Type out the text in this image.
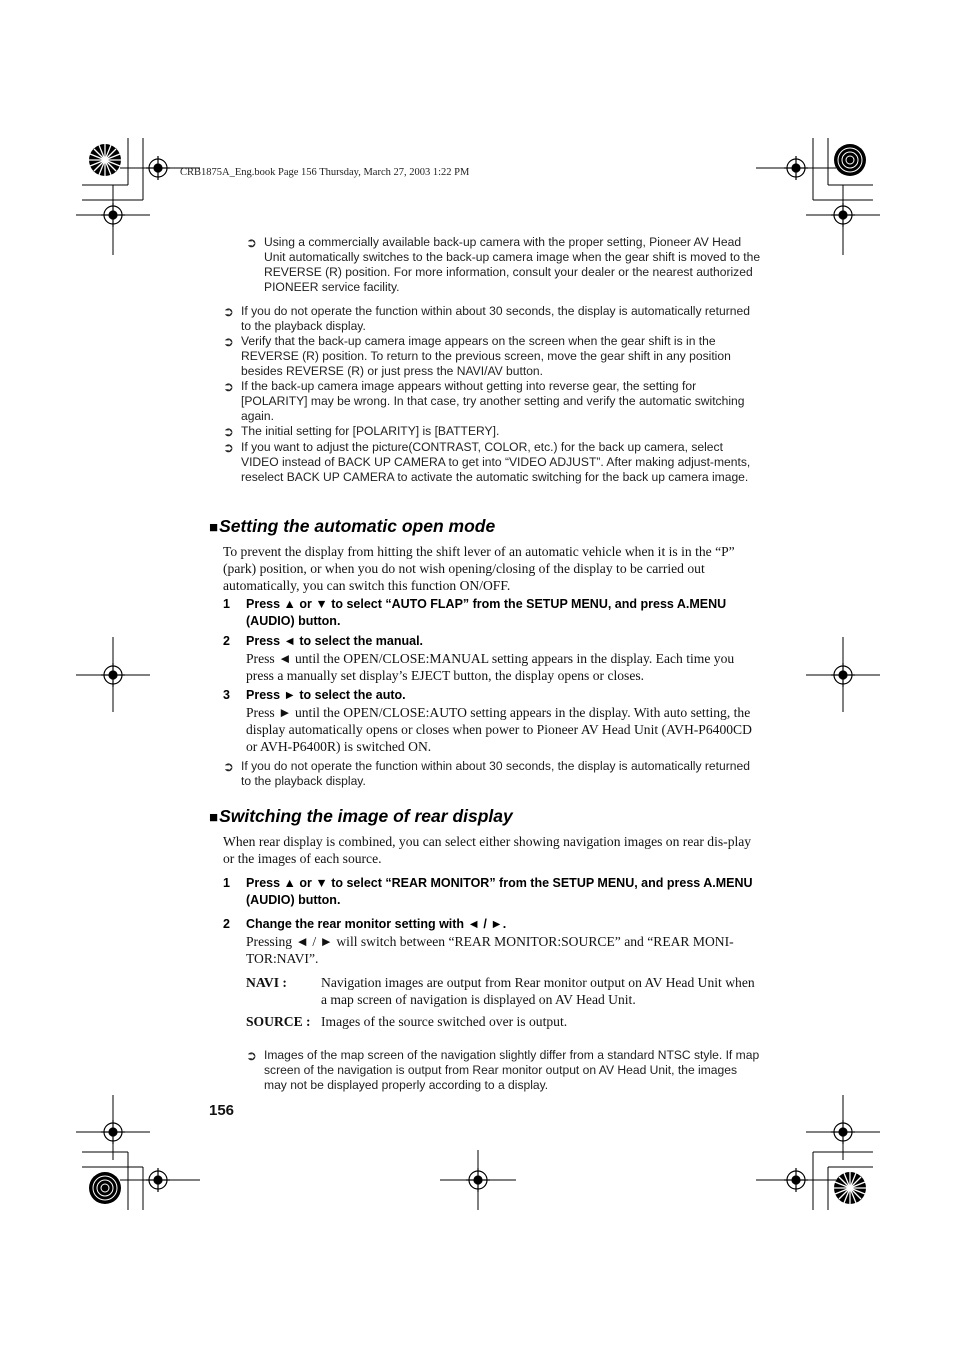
CRB1875A_Eng.book Page 156 Thursday, March 27, 2003 1:22 PM
➲ Using a commercially available back-up camera with the proper setting, Pioneer AV Head Unit automatically switches to the back-up camera image when the gear shift is moved to the REVERSE (R) position. For more information, consult your dealer or the nearest authorized PIONEER service facility.
➲ If you do not operate the function within about 30 seconds, the display is automatically returned to the playback display.
➲ Verify that the back-up camera image appears on the screen when the gear shift is in the REVERSE (R) position. To return to the previous screen, move the gear shift in any position besides REVERSE (R) or just press the NAVI/AV button.
➲ If the back-up camera image appears without getting into reverse gear, the setting for [POLARITY] may be wrong. In that case, try another setting and verify the automatic switching again.
➲ The initial setting for [POLARITY] is [BATTERY].
➲ If you want to adjust the picture(CONTRAST, COLOR, etc.) for the back up camera, select VIDEO instead of BACK UP CAMERA to get into “VIDEO ADJUST”. After making adjust-ments, reselect BACK UP CAMERA to activate the automatic switching for the back up camera image.
■Setting the automatic open mode
To prevent the display from hitting the shift lever of an automatic vehicle when it is in the “P” (park) position, or when you do not wish opening/closing of the display to be carried out automatically, you can switch this function ON/OFF.
1 Press ▲ or ▼ to select “AUTO FLAP” from the SETUP MENU, and press A.MENU (AUDIO) button.
2 Press ◄ to select the manual.
Press ◄ until the OPEN/CLOSE:MANUAL setting appears in the display. Each time you press a manually set display’s EJECT button, the display opens or closes.
3 Press ► to select the auto.
Press ► until the OPEN/CLOSE:AUTO setting appears in the display. With auto setting, the display automatically opens or closes when power to Pioneer AV Head Unit (AVH-P6400CD or AVH-P6400R) is switched ON.
➲ If you do not operate the function within about 30 seconds, the display is automatically returned to the playback display.
■Switching the image of rear display
When rear display is combined, you can select either showing navigation images on rear dis-play or the images of each source.
1 Press ▲ or ▼ to select “REAR MONITOR” from the SETUP MENU, and press A.MENU (AUDIO) button.
2 Change the rear monitor setting with ◄ / ►.
Pressing ◄ / ► will switch between “REAR MONITOR:SOURCE” and “REAR MONI-TOR:NAVI”.
NAVI :	Navigation images are output from Rear monitor output on AV Head Unit when a map screen of navigation is displayed on AV Head Unit.
SOURCE : Images of the source switched over is output.
➲ Images of the map screen of the navigation slightly differ from a standard NTSC style. If map screen of the navigation is output from Rear monitor output on AV Head Unit, the images may not be displayed properly according to a display.
156
